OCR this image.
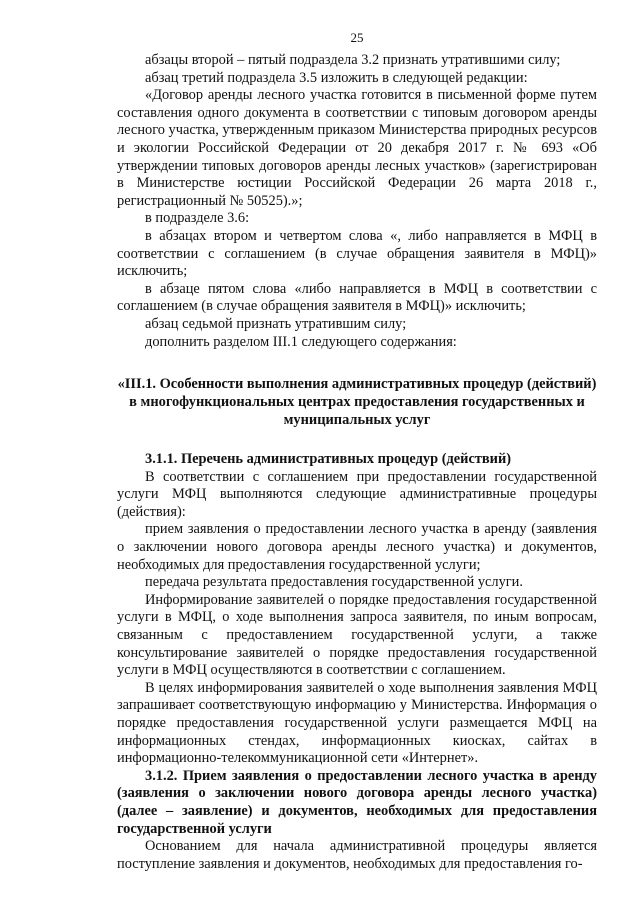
25

абзацы второй – пятый подраздела 3.2 признать утратившими силу;

абзац третий подраздела 3.5 изложить в следующей редакции:

«Договор аренды лесного участка готовится в письменной форме путем составления одного документа в соответствии с типовым договором аренды лесного участка, утвержденным приказом Министерства природных ресурсов и экологии Российской Федерации от 20 декабря 2017 г. № 693 «Об утверждении типовых договоров аренды лесных участков» (зарегистрирован в Министерстве юстиции Российской Федерации 26 марта 2018 г., регистрационный № 50525).»;

в подразделе 3.6:

в абзацах втором и четвертом слова «, либо направляется в МФЦ в соответствии с соглашением (в случае обращения заявителя в МФЦ)» исключить;

в абзаце пятом слова «либо направляется в МФЦ в соответствии с соглашением (в случае обращения заявителя в МФЦ)» исключить;

абзац седьмой признать утратившим силу;

дополнить разделом III.1 следующего содержания:

«III.1. Особенности выполнения административных процедур (действий) в многофункциональных центрах предоставления государственных и муниципальных услуг
3.1.1. Перечень административных процедур (действий)

В соответствии с соглашением при предоставлении государственной услуги МФЦ выполняются следующие административные процедуры (действия):

прием заявления о предоставлении лесного участка в аренду (заявления о заключении нового договора аренды лесного участка) и документов, необходимых для предоставления государственной услуги;

передача результата предоставления государственной услуги.

Информирование заявителей о порядке предоставления государственной услуги в МФЦ, о ходе выполнения запроса заявителя, по иным вопросам, связанным с предоставлением государственной услуги, а также консультирование заявителей о порядке предоставления государственной услуги в МФЦ осуществляются в соответствии с соглашением.

В целях информирования заявителей о ходе выполнения заявления МФЦ запрашивает соответствующую информацию у Министерства. Информация о порядке предоставления государственной услуги размещается МФЦ на информационных стендах, информационных киосках, сайтах в информационно-телекоммуникационной сети «Интернет».

3.1.2. Прием заявления о предоставлении лесного участка в аренду (заявления о заключении нового договора аренды лесного участка) (далее – заявление) и документов, необходимых для предоставления государственной услуги

Основанием для начала административной процедуры является поступление заявления и документов, необходимых для предоставления го-
